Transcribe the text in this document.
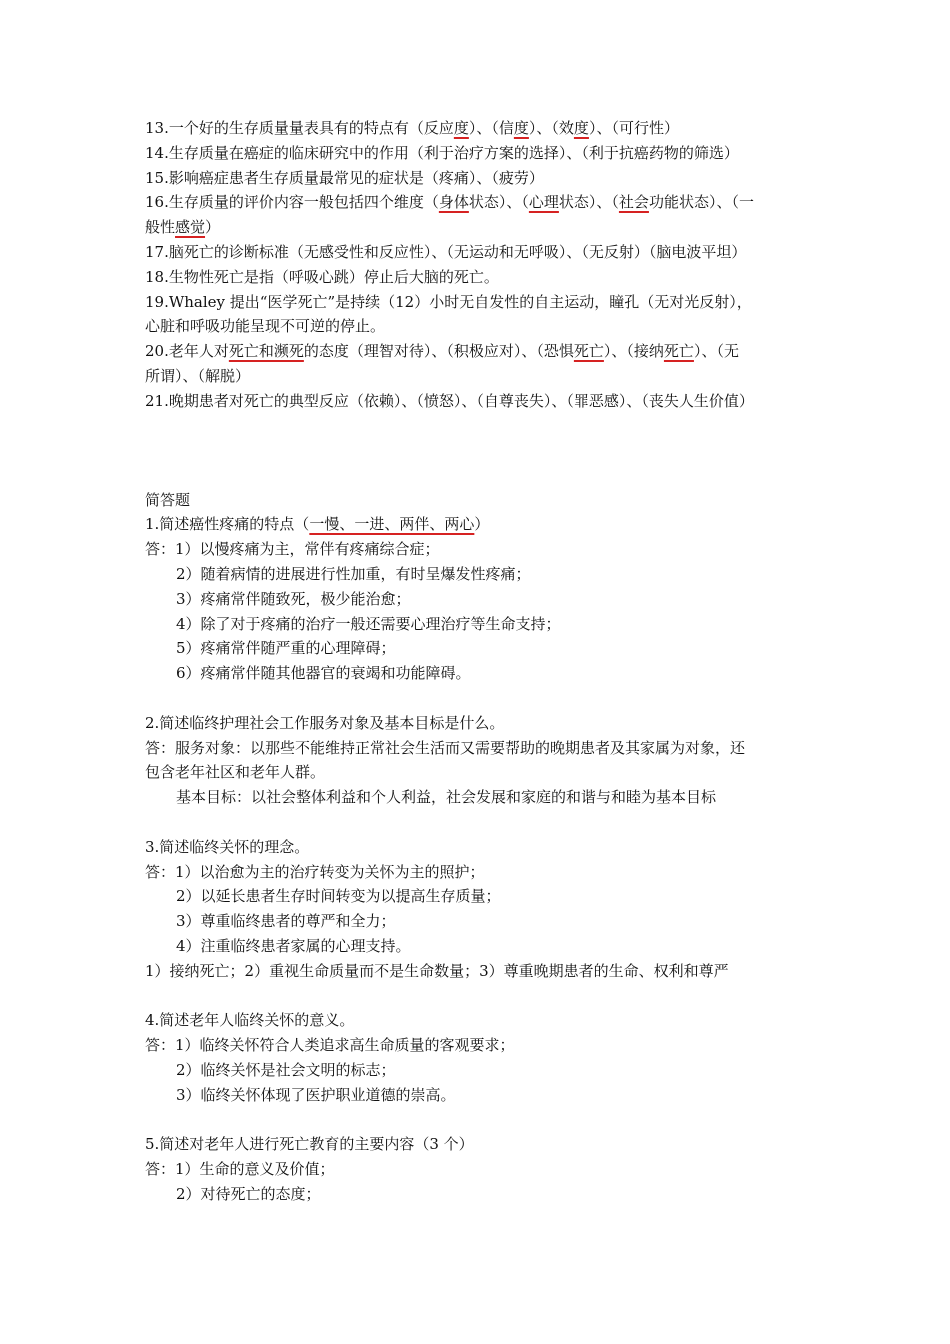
13.一个好的生存质量量表具有的特点有（反应度）、（信度）、（效度）、（可行性）
14.生存质量在癌症的临床研究中的作用（利于治疗方案的选择）、（利于抗癌药物的筛选）
15.影响癌症患者生存质量最常见的症状是（疼痛）、（疲劳）
16.生存质量的评价内容一般包括四个维度（身体状态）、（心理状态）、（社会功能状态）、（一
般性感觉）
17.脑死亡的诊断标准（无感受性和反应性）、（无运动和无呼吸）、（无反射）（脑电波平坦）
18.生物性死亡是指（呼吸心跳）停止后大脑的死亡。
19.Whaley 提出“医学死亡”是持续（12）小时无自发性的自主运动，瞳孔（无对光反射），
心脏和呼吸功能呈现不可逆的停止。
20.老年人对死亡和濒死的态度（理智对待）、（积极应对）、（恐惧死亡）、（接纳死亡）、（无
所谓）、（解脱）
21.晚期患者对死亡的典型反应（依赖）、（愤怒）、（自尊丧失）、（罪恶感）、（丧失人生价值）
简答题
1.简述癌性疼痛的特点（一慢、一进、两伴、两心）
答：1）以慢疼痛为主，常伴有疼痛综合症；
2）随着病情的进展进行性加重，有时呈爆发性疼痛；
3）疼痛常伴随致死，极少能治愈；
4）除了对于疼痛的治疗一般还需要心理治疗等生命支持；
5）疼痛常伴随严重的心理障碍；
6）疼痛常伴随其他器官的衰竭和功能障碍。
2.简述临终护理社会工作服务对象及基本目标是什么。
答：服务对象：以那些不能维持正常社会生活而又需要帮助的晚期患者及其家属为对象，还
包含老年社区和老年人群。
基本目标：以社会整体利益和个人利益，社会发展和家庭的和谐与和睦为基本目标
3.简述临终关怀的理念。
答：1）以治愈为主的治疗转变为关怀为主的照护；
2）以延长患者生存时间转变为以提高生存质量；
3）尊重临终患者的尊严和全力；
4）注重临终患者家属的心理支持。
1）接纳死亡；2）重视生命质量而不是生命数量；3）尊重晚期患者的生命、权利和尊严
4.简述老年人临终关怀的意义。
答：1）临终关怀符合人类追求高生命质量的客观要求；
2）临终关怀是社会文明的标志；
3）临终关怀体现了医护职业道德的崇高。
5.简述对老年人进行死亡教育的主要内容（3 个）
答：1）生命的意义及价值；
2）对待死亡的态度；
